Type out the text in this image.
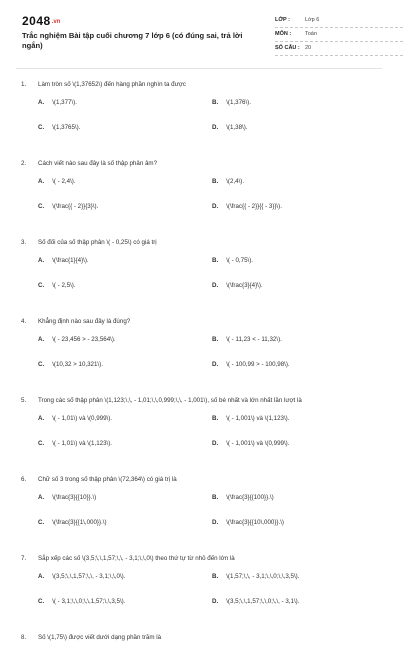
2048.vn
Trắc nghiệm Bài tập cuối chương 7 lớp 6 (có đúng sai, trả lời ngắn)
LỚP :	Lớp 6
MÔN :	Toán
SỐ CÂU : 20
1. Làm tròn số \(1,37652\) đến hàng phần nghìn ta được
A. \(1,377\).	B. \(1,376\).
C. \(1,3765\).	D. \(1,38\).
2. Cách viết nào sau đây là số thập phân âm?
A. \( - 2,4\).	B. \(2,4\).
C. \(\frac{{ - 2}}{3}\).	D. \(\frac{{ - 2}}{{ - 3}}\).
3. Số đối của số thập phân \( - 0,25\) có giá trị
A. \(\frac{1}{4}\).	B. \( - 0,75\).
C. \( - 2,5\).	D. \(\frac{3}{4}\).
4. Khẳng định nào sau đây là đúng?
A. \( - 23,456 > - 23,564\).	B. \( - 11,23 < - 11,32\).
C. \(10,32 > 10,321\).	D. \( - 100,99 > - 100,98\).
5. Trong các số thập phân \(1,123;\,\, - 1,01;\,\,0,999;\,\, - 1,001\), số bé nhất và lớn nhất lần lượt là
A. \( - 1,01\) và \(0,999\).	B. \( - 1,001\) và \(1,123\).
C. \( - 1,01\) và \(1,123\).	D. \( - 1,001\) và \(0,999\).
6. Chữ số 3 trong số thập phân \(72,364\) có giá trị là
A. \(\frac{3}{{10}}.\)	B. \(\frac{3}{{100}}.\)
C. \(\frac{3}{{1\,000}}.\)	D. \(\frac{3}{{10\,000}}.\)
7. Sắp xếp các số \(3,5;\,\,1,57;\,\, - 3,1;\,\,0\) theo thứ tự từ nhỏ đến lớn là
A. \(3,5;\,\,1,57;\,\, - 3,1;\,\,0\).	B. \(1,57;\,\, - 3,1;\,\,0;\,\,3,5\).
C. \( - 3,1;\,\,0;\,\,1,57;\,\,3,5\).	D. \(3,5;\,\,1,57;\,\,0;\,\, - 3,1\).
8. Số \(1,75\) được viết dưới dạng phần trăm là
